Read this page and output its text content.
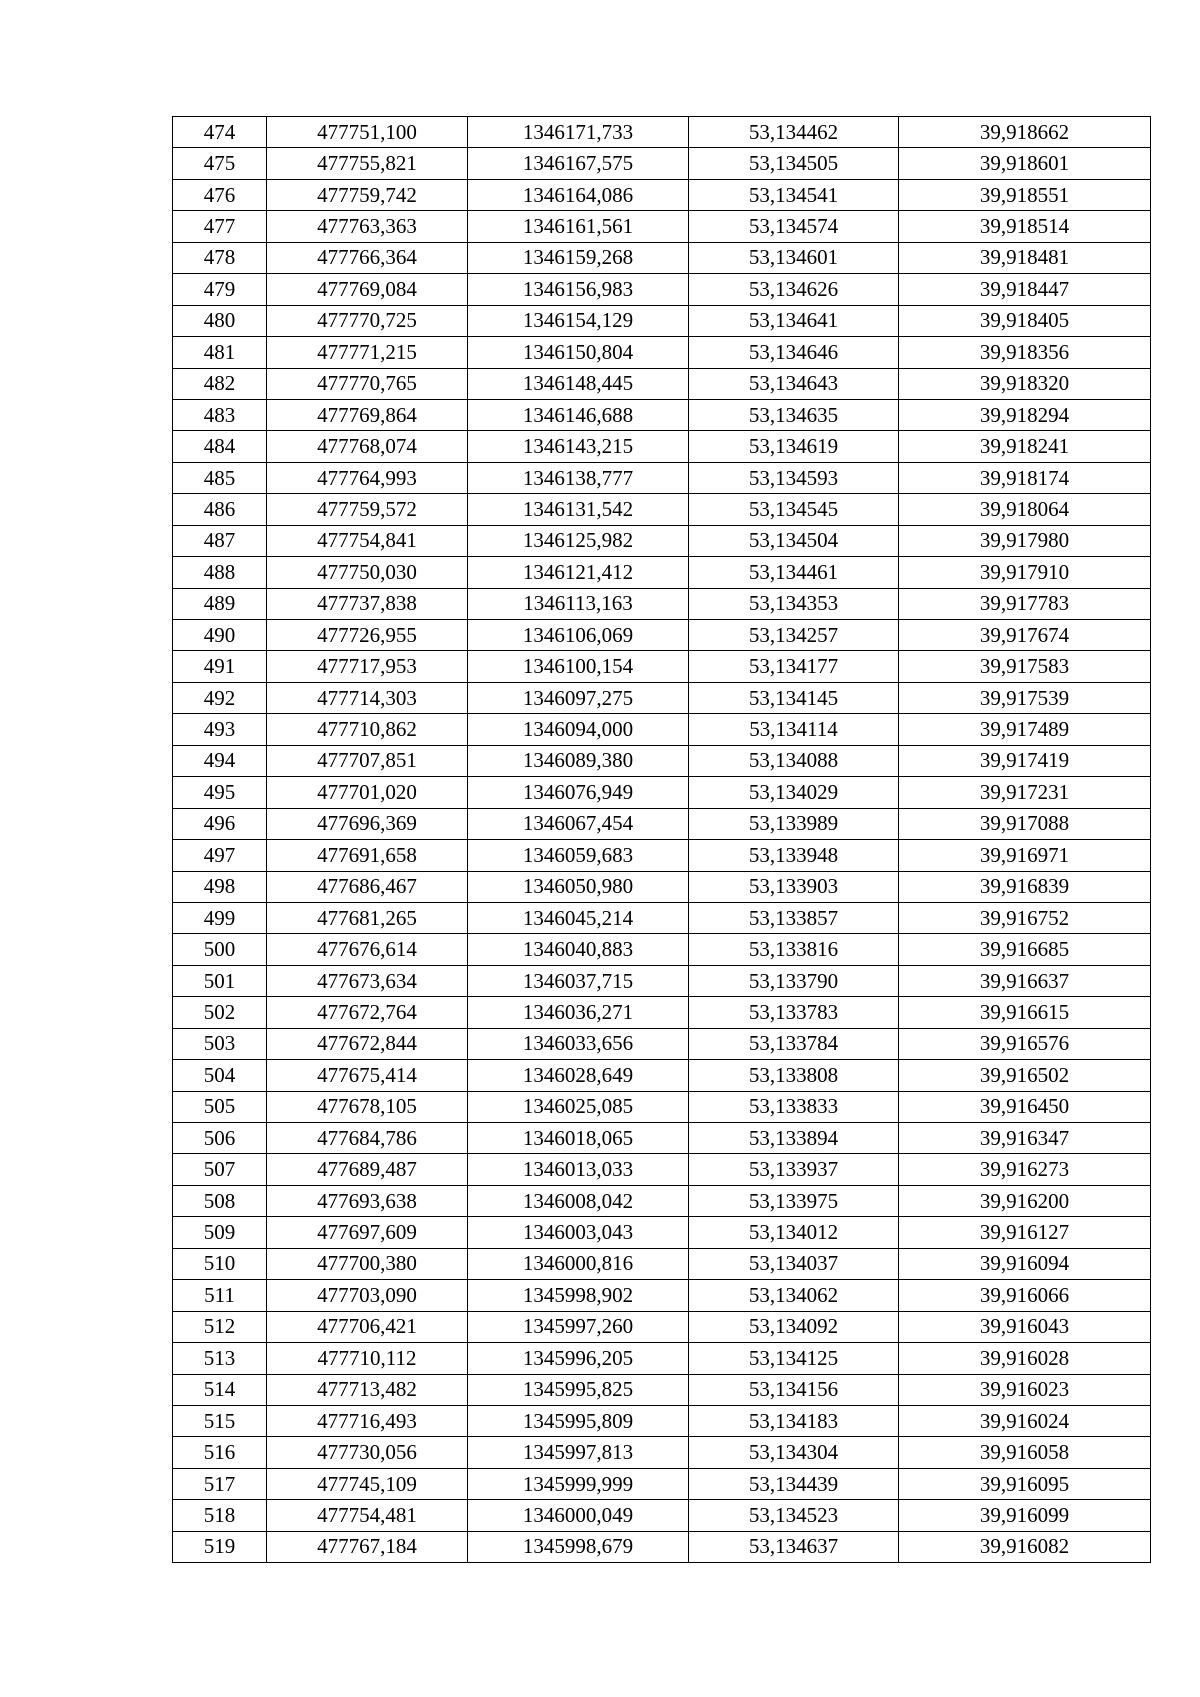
474	477751,100	1346171,733	53,134462	39,918662
475	477755,821	1346167,575	53,134505	39,918601
476	477759,742	1346164,086	53,134541	39,918551
477	477763,363	1346161,561	53,134574	39,918514
478	477766,364	1346159,268	53,134601	39,918481
479	477769,084	1346156,983	53,134626	39,918447
480	477770,725	1346154,129	53,134641	39,918405
481	477771,215	1346150,804	53,134646	39,918356
482	477770,765	1346148,445	53,134643	39,918320
483	477769,864	1346146,688	53,134635	39,918294
484	477768,074	1346143,215	53,134619	39,918241
485	477764,993	1346138,777	53,134593	39,918174
486	477759,572	1346131,542	53,134545	39,918064
487	477754,841	1346125,982	53,134504	39,917980
488	477750,030	1346121,412	53,134461	39,917910
489	477737,838	1346113,163	53,134353	39,917783
490	477726,955	1346106,069	53,134257	39,917674
491	477717,953	1346100,154	53,134177	39,917583
492	477714,303	1346097,275	53,134145	39,917539
493	477710,862	1346094,000	53,134114	39,917489
494	477707,851	1346089,380	53,134088	39,917419
495	477701,020	1346076,949	53,134029	39,917231
496	477696,369	1346067,454	53,133989	39,917088
497	477691,658	1346059,683	53,133948	39,916971
498	477686,467	1346050,980	53,133903	39,916839
499	477681,265	1346045,214	53,133857	39,916752
500	477676,614	1346040,883	53,133816	39,916685
501	477673,634	1346037,715	53,133790	39,916637
502	477672,764	1346036,271	53,133783	39,916615
503	477672,844	1346033,656	53,133784	39,916576
504	477675,414	1346028,649	53,133808	39,916502
505	477678,105	1346025,085	53,133833	39,916450
506	477684,786	1346018,065	53,133894	39,916347
507	477689,487	1346013,033	53,133937	39,916273
508	477693,638	1346008,042	53,133975	39,916200
509	477697,609	1346003,043	53,134012	39,916127
510	477700,380	1346000,816	53,134037	39,916094
511	477703,090	1345998,902	53,134062	39,916066
512	477706,421	1345997,260	53,134092	39,916043
513	477710,112	1345996,205	53,134125	39,916028
514	477713,482	1345995,825	53,134156	39,916023
515	477716,493	1345995,809	53,134183	39,916024
516	477730,056	1345997,813	53,134304	39,916058
517	477745,109	1345999,999	53,134439	39,916095
518	477754,481	1346000,049	53,134523	39,916099
519	477767,184	1345998,679	53,134637	39,916082
